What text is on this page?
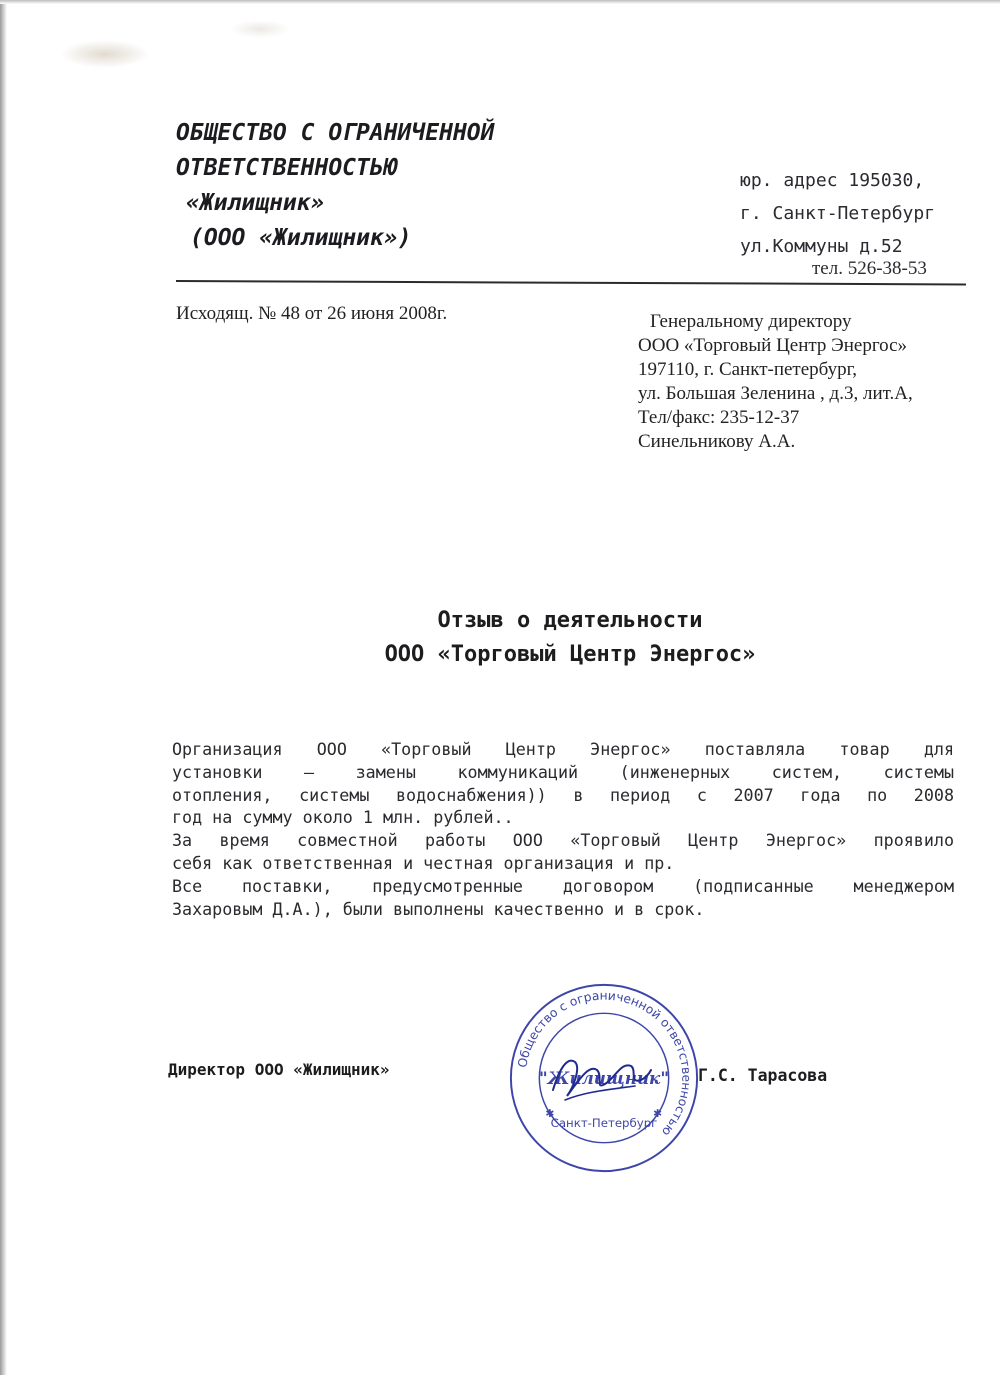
ОБЩЕСТВО С ОГРАНИЧЕННОЙ
ОТВЕТСТВЕННОСТЬЮ
«Жилищник»
(ООО «Жилищник»)
юр. адрес 195030,
г. Санкт-Петербург
ул.Коммуны д.52
тел. 526-38-53
Исходящ. № 48 от 26 июня 2008г.	Генеральному директору
ООО «Торговый Центр Энергос»
197110, г. Санкт-петербург,
ул. Большая Зеленина , д.3, лит.А,
Тел/факс: 235-12-37
Синельникову А.А.
Отзыв о деятельности
ООО «Торговый Центр Энергос»
Организация ООО «Торговый Центр Энергос» поставляла товар для
установки – замены коммуникаций (инженерных систем, системы
отопления, системы водоснабжения)) в период с 2007 года по 2008
год на сумму около 1 млн. рублей..
За время совместной работы ООО «Торговый Центр Энергос» проявило
себя как ответственная и честная организация и пр.
Все поставки, предусмотренные договором (подписанные менеджером
Захаровым Д.А.), были выполнены качественно и в срок.
Директор ООО «Жилищник»	Общество с ограниченной ответственностью
"Жилищник"
Санкт-Петербург
✱	✱
Г.С. Тарасова
